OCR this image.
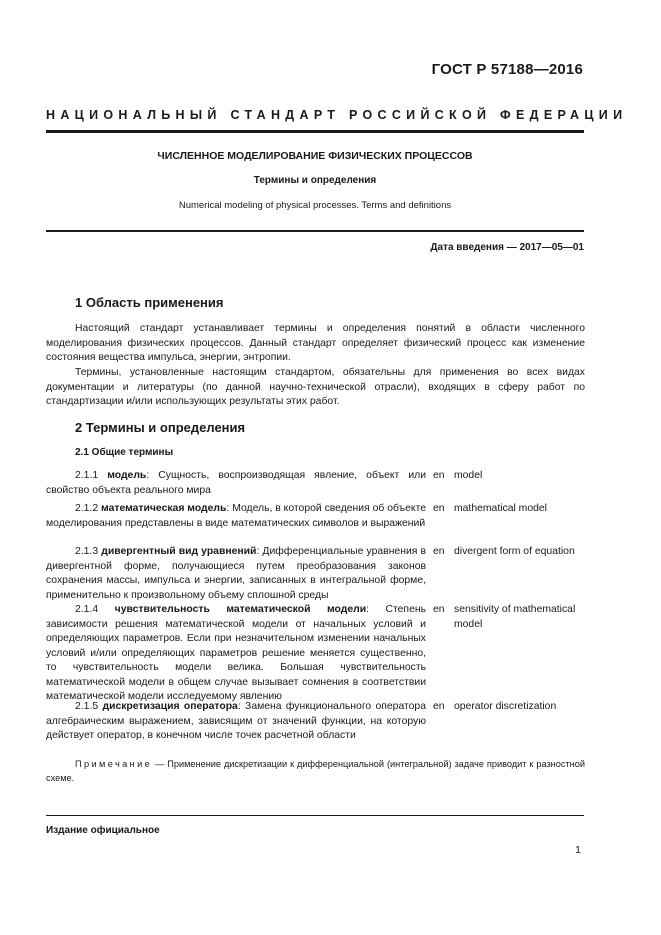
ГОСТ Р 57188—2016
НАЦИОНАЛЬНЫЙ СТАНДАРТ РОССИЙСКОЙ ФЕДЕРАЦИИ
ЧИСЛЕННОЕ МОДЕЛИРОВАНИЕ ФИЗИЧЕСКИХ ПРОЦЕССОВ
Термины и определения
Numerical modeling of physical processes. Terms and definitions
Дата введения — 2017—05—01
1 Область применения
Настоящий стандарт устанавливает термины и определения понятий в области численного моделирования физических процессов. Данный стандарт определяет физический процесс как изменение состояния вещества импульса, энергии, энтропии.
Термины, установленные настоящим стандартом, обязательны для применения во всех видах документации и литературы (по данной научно-технической отрасли), входящих в сферу работ по стандартизации и/или использующих результаты этих работ.
2 Термины и определения
2.1 Общие термины
2.1.1 модель: Сущность, воспроизводящая явление, объект или свойство объекта реального мира
en model
2.1.2 математическая модель: Модель, в которой сведения об объекте моделирования представлены в виде математических символов и выражений
en mathematical model
2.1.3 дивергентный вид уравнений: Дифференциальные уравнения в дивергентной форме, получающиеся путем преобразования законов сохранения массы, импульса и энергии, записанных в интегральной форме, применительно к произвольному объему сплошной среды
en divergent form of equation
2.1.4 чувствительность математической модели: Степень зависимости решения математической модели от начальных условий и определяющих параметров. Если при незначительном изменении начальных условий и/или определяющих параметров решение меняется существенно, то чувствительность модели велика. Большая чувствительность математической модели в общем случае вызывает сомнения в соответствии математической модели исследуемому явлению
en sensitivity of mathematical model
2.1.5 дискретизация оператора: Замена функционального оператора алгебраическим выражением, зависящим от значений функции, на которую действует оператор, в конечном числе точек расчетной области
en operator discretization
Примечание — Применение дискретизации к дифференциальной (интегральной) задаче приводит к разностной схеме.
Издание официальное
1
